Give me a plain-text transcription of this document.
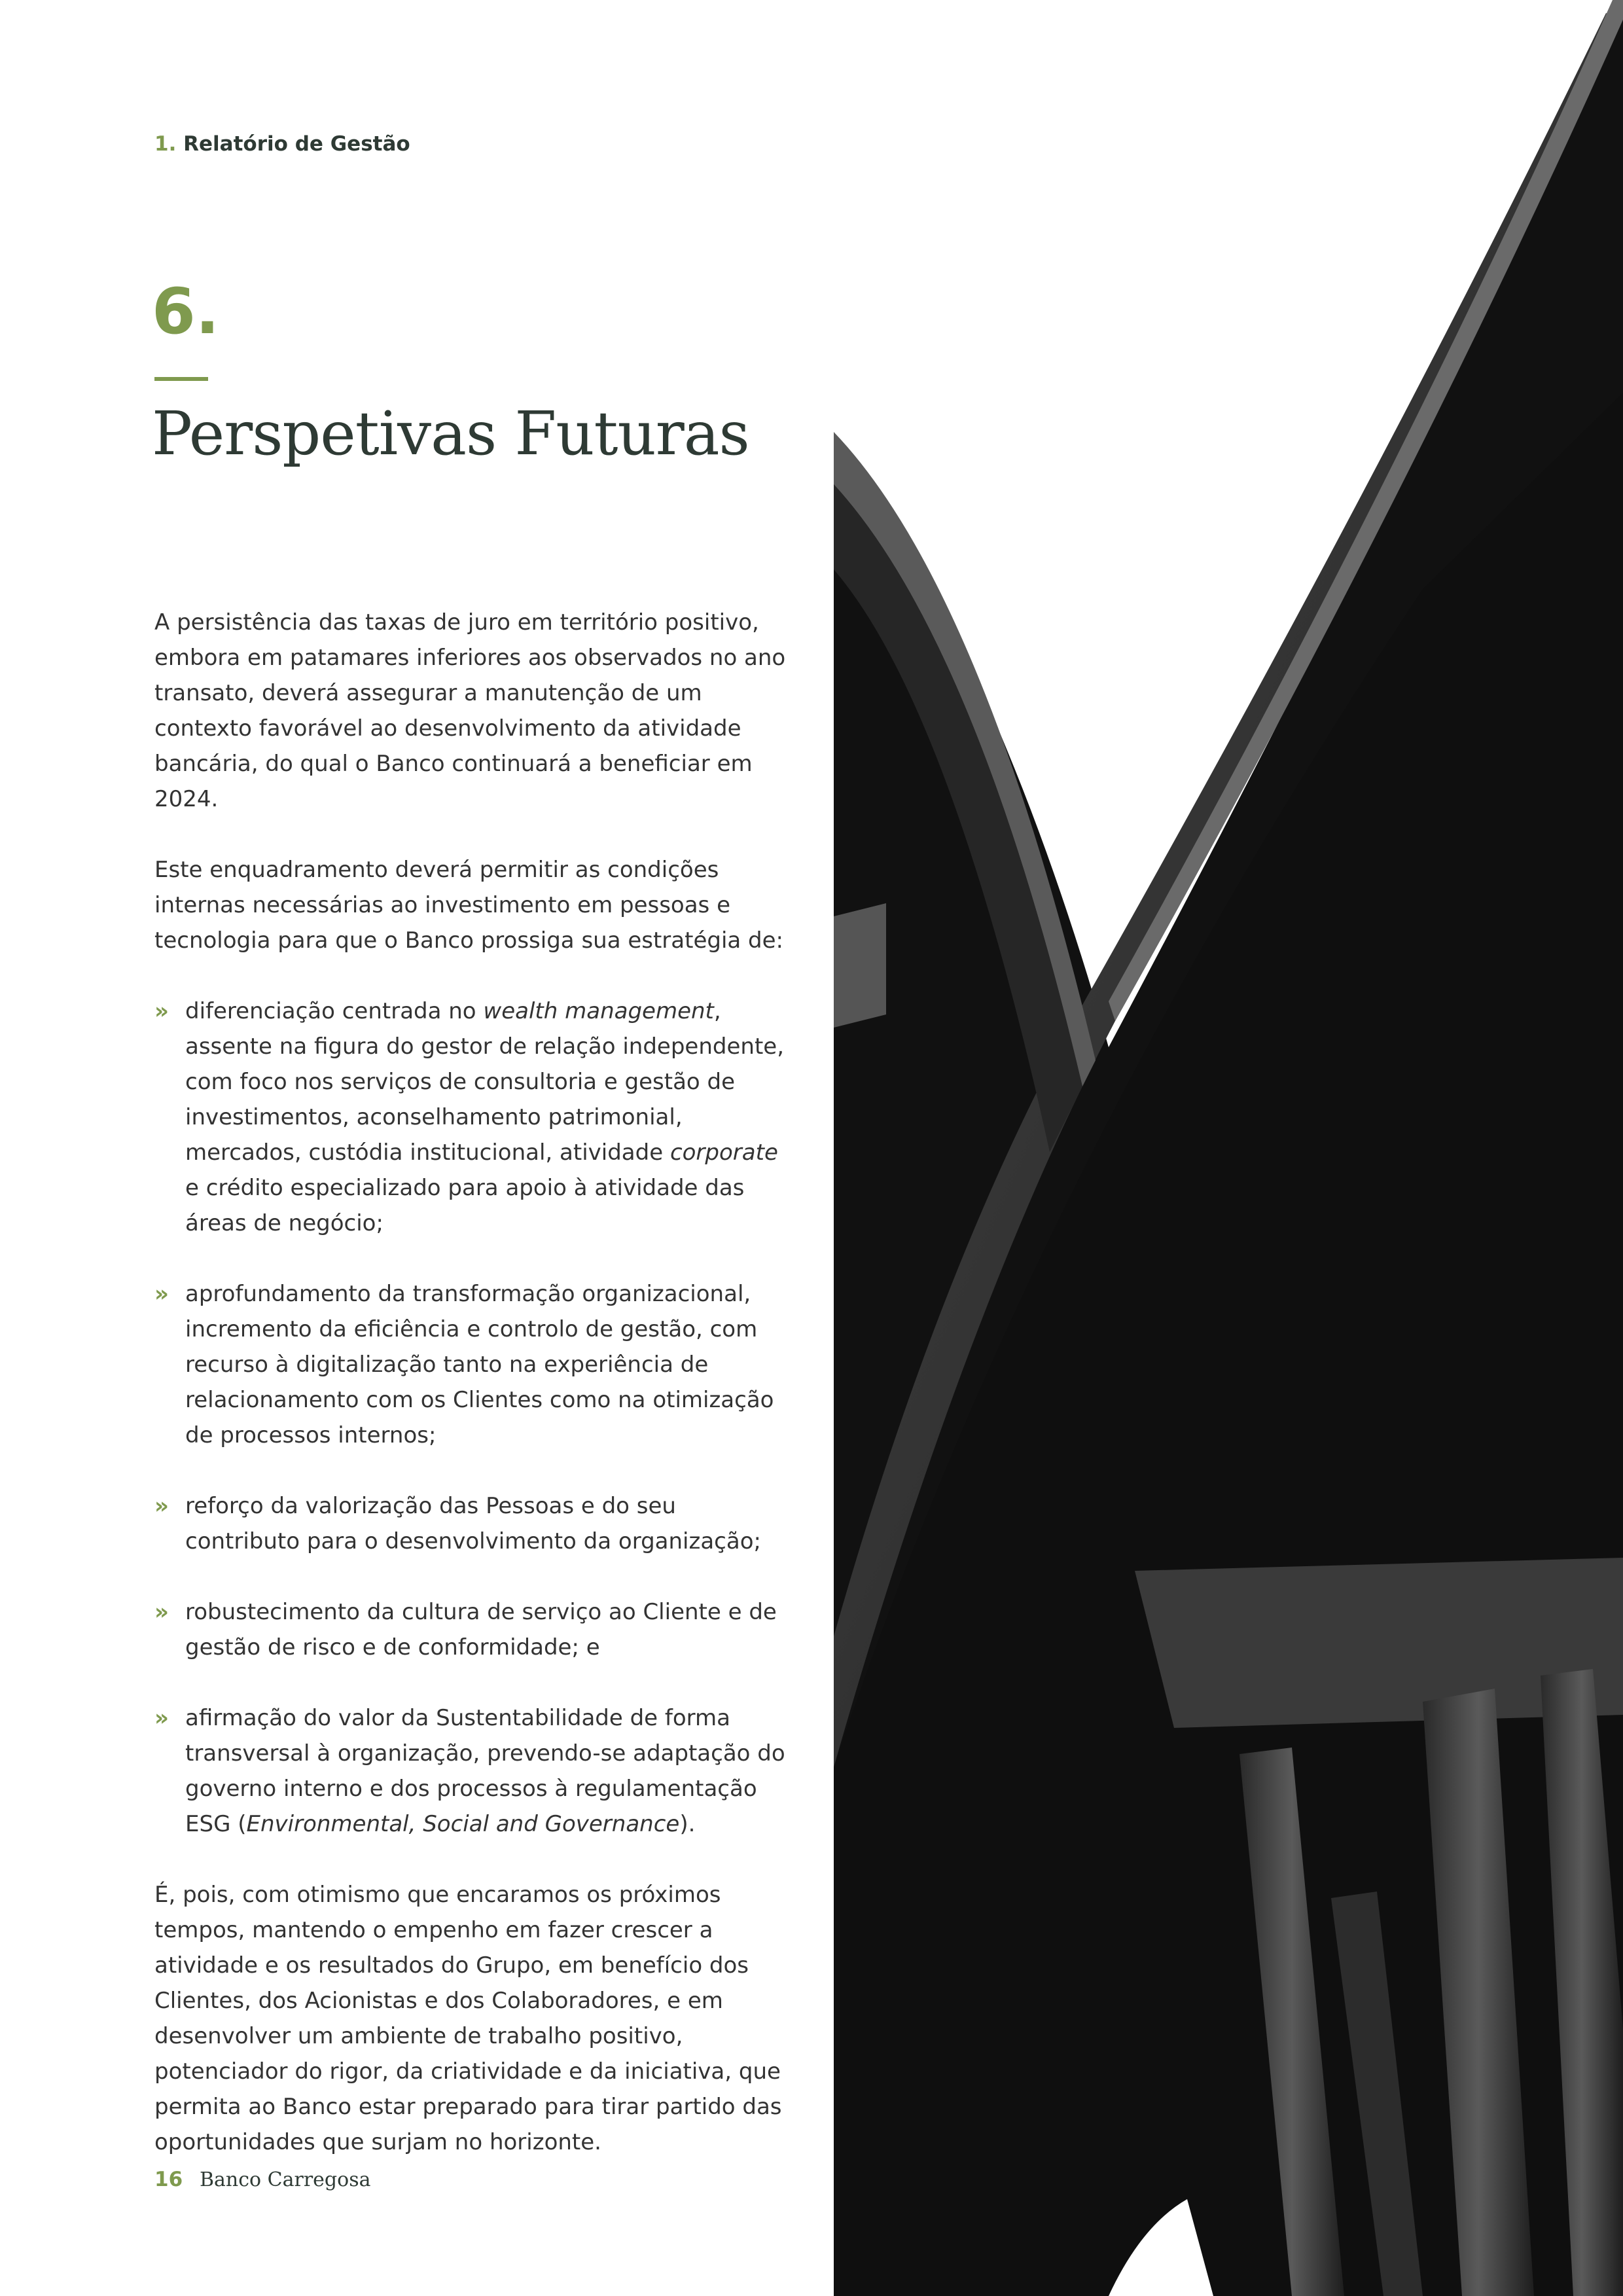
1. Relatório de Gestão
6.
Perspetivas Futuras

A persistência das taxas de juro em território positivo, embora em patamares inferiores aos observados no ano transato, deverá assegurar a manutenção de um contexto favorável ao desenvolvimento da atividade bancária, do qual o Banco continuará a beneficiar em 2024.

Este enquadramento deverá permitir as condições internas necessárias ao investimento em pessoas e tecnologia para que o Banco prossiga sua estratégia de:

» diferenciação centrada no wealth management, assente na figura do gestor de relação independente, com foco nos serviços de consultoria e gestão de investimentos, aconselhamento patrimonial, mercados, custódia institucional, atividade corporate e crédito especializado para apoio à atividade das áreas de negócio;
» aprofundamento da transformação organizacional, incremento da eficiência e controlo de gestão, com recurso à digitalização tanto na experiência de relacionamento com os Clientes como na otimização de processos internos;
» reforço da valorização das Pessoas e do seu contributo para o desenvolvimento da organização;
» robustecimento da cultura de serviço ao Cliente e de gestão de risco e de conformidade; e
» afirmação do valor da Sustentabilidade de forma transversal à organização, prevendo-se adaptação do governo interno e dos processos à regulamentação ESG (Environmental, Social and Governance).

É, pois, com otimismo que encaramos os próximos tempos, mantendo o empenho em fazer crescer a atividade e os resultados do Grupo, em benefício dos Clientes, dos Acionistas e dos Colaboradores, e em desenvolver um ambiente de trabalho positivo, potenciador do rigor, da criatividade e da iniciativa, que permita ao Banco estar preparado para tirar partido das oportunidades que surjam no horizonte.

16 Banco Carregosa
